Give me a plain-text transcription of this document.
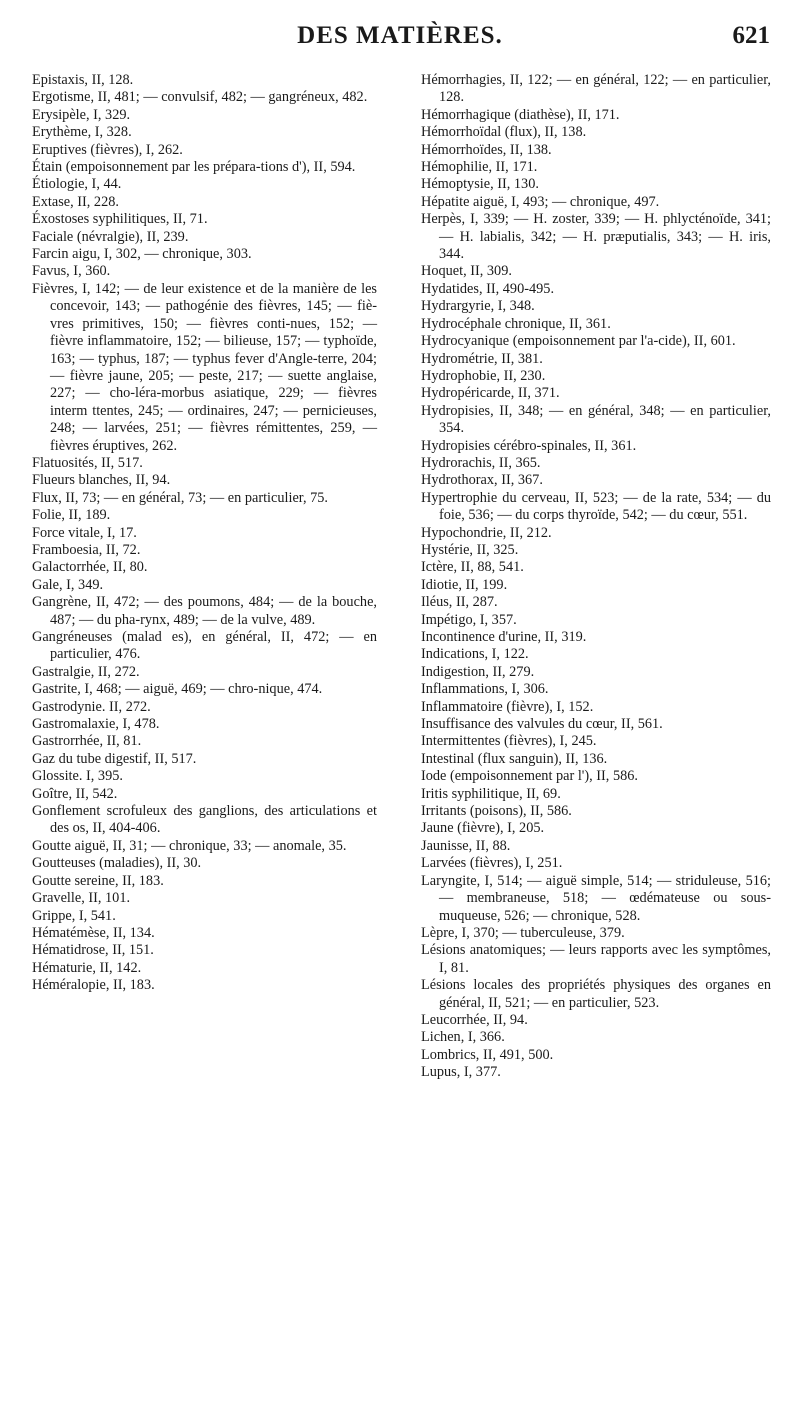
DES MATIÈRES.	621

Epistaxis, II, 128.

Ergotisme, II, 481; — convulsif, 482; — gangréneux, 482.

Erysipèle, I, 329.

Erythème, I, 328.

Eruptives (fièvres), I, 262.

Étain (empoisonnement par les prépara-tions d'), II, 594.

Étiologie, I, 44.

Extase, II, 228.

Éxostoses syphilitiques, II, 71.

Faciale (névralgie), II, 239.

Farcin aigu, I, 302, — chronique, 303.

Favus, I, 360.

Fièvres, I, 142; — de leur existence et de la manière de les concevoir, 143; — pathogénie des fièvres, 145; — fiè-vres primitives, 150; — fièvres conti-nues, 152; — fièvre inflammatoire, 152; — bilieuse, 157; — typhoïde, 163; — typhus, 187; — typhus fever d'Angle-terre, 204; — fièvre jaune, 205; — peste, 217; — suette anglaise, 227; — cho-léra-morbus asiatique, 229; — fièvres interm ttentes, 245; — ordinaires, 247; — pernicieuses, 248; — larvées, 251; — fièvres rémittentes, 259, — fièvres éruptives, 262.

Flatuosités, II, 517.

Flueurs blanches, II, 94.

Flux, II, 73; — en général, 73; — en particulier, 75.

Folie, II, 189.

Force vitale, I, 17.

Framboesia, II, 72.

Galactorrhée, II, 80.

Gale, I, 349.

Gangrène, II, 472; — des poumons, 484; — de la bouche, 487; — du pha-rynx, 489; — de la vulve, 489.

Gangréneuses (malad es), en général, II, 472; — en particulier, 476.

Gastralgie, II, 272.

Gastrite, I, 468; — aiguë, 469; — chro-nique, 474.

Gastrodynie. II, 272.

Gastromalaxie, I, 478.

Gastrorrhée, II, 81.

Gaz du tube digestif, II, 517.

Glossite. I, 395.

Goître, II, 542.

Gonflement scrofuleux des ganglions, des articulations et des os, II, 404-406.

Goutte aiguë, II, 31; — chronique, 33; — anomale, 35.

Goutteuses (maladies), II, 30.

Goutte sereine, II, 183.

Gravelle, II, 101.

Grippe, I, 541.

Hématémèse, II, 134.

Hématidrose, II, 151.

Hématurie, II, 142.

Héméralopie, II, 183.

Hémorrhagies, II, 122; — en général, 122; — en particulier, 128.

Hémorrhagique (diathèse), II, 171.

Hémorrhoïdal (flux), II, 138.

Hémorrhoïdes, II, 138.

Hémophilie, II, 171.

Hémoptysie, II, 130.

Hépatite aiguë, I, 493; — chronique, 497.

Herpès, I, 339; — H. zoster, 339; — H. phlycténoïde, 341; — H. labialis, 342; — H. præputialis, 343; — H. iris, 344.

Hoquet, II, 309.

Hydatides, II, 490-495.

Hydrargyrie, I, 348.

Hydrocéphale chronique, II, 361.

Hydrocyanique (empoisonnement par l'a-cide), II, 601.

Hydrométrie, II, 381.

Hydrophobie, II, 230.

Hydropéricarde, II, 371.

Hydropisies, II, 348; — en général, 348; — en particulier, 354.

Hydropisies cérébro-spinales, II, 361.

Hydrorachis, II, 365.

Hydrothorax, II, 367.

Hypertrophie du cerveau, II, 523; — de la rate, 534; — du foie, 536; — du corps thyroïde, 542; — du cœur, 551.

Hypochondrie, II, 212.

Hystérie, II, 325.

Ictère, II, 88, 541.

Idiotie, II, 199.

Iléus, II, 287.

Impétigo, I, 357.

Incontinence d'urine, II, 319.

Indications, I, 122.

Indigestion, II, 279.

Inflammations, I, 306.

Inflammatoire (fièvre), I, 152.

Insuffisance des valvules du cœur, II, 561.

Intermittentes (fièvres), I, 245.

Intestinal (flux sanguin), II, 136.

Iode (empoisonnement par l'), II, 586.

Iritis syphilitique, II, 69.

Irritants (poisons), II, 586.

Jaune (fièvre), I, 205.

Jaunisse, II, 88.

Larvées (fièvres), I, 251.

Laryngite, I, 514; — aiguë simple, 514; — striduleuse, 516; — membraneuse, 518; — œdémateuse ou sous-muqueuse, 526; — chronique, 528.

Lèpre, I, 370; — tuberculeuse, 379.

Lésions anatomiques; — leurs rapports avec les symptômes, I, 81.

Lésions locales des propriétés physiques des organes en général, II, 521; — en particulier, 523.

Leucorrhée, II, 94.

Lichen, I, 366.

Lombrics, II, 491, 500.

Lupus, I, 377.
